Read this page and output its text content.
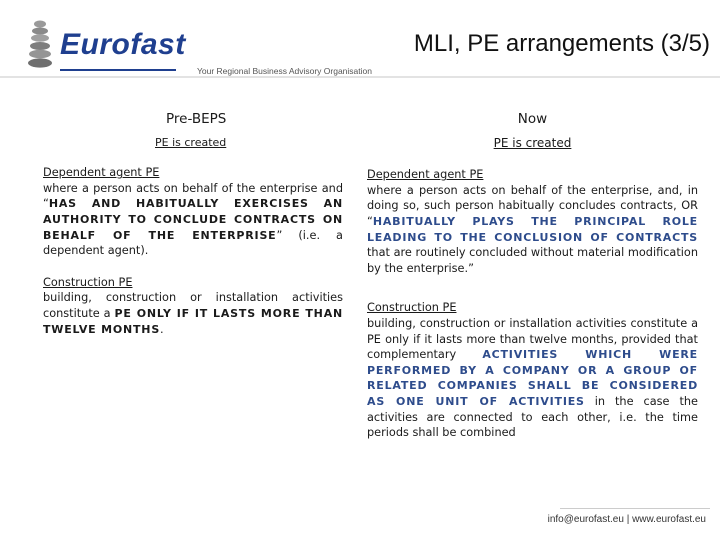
Eurofast
Your Regional Business Advisory Organisation
MLI, PE arrangements (3/5)

Pre-BEPS

PE is created

Dependent agent PE

where a person acts on behalf of the enterprise and “HAS AND HABITUALLY EXERCISES AN AUTHORITY TO CONCLUDE CONTRACTS ON BEHALF OF THE ENTERPRISE” (i.e. a dependent agent).

Construction PE

building, construction or installation activities constitute a PE ONLY IF IT LASTS MORE THAN TWELVE MONTHS.

Now

PE is created

Dependent agent PE

where a person acts on behalf of the enterprise, and, in doing so, such person habitually concludes contracts, OR “HABITUALLY PLAYS THE PRINCIPAL ROLE LEADING TO THE CONCLUSION OF CONTRACTS that are routinely concluded without material modification by the enterprise.”

Construction PE

building, construction or installation activities constitute a PE only if it lasts more than twelve months, provided that complementary ACTIVITIES WHICH WERE PERFORMED BY A COMPANY OR A GROUP OF RELATED COMPANIES SHALL BE CONSIDERED AS ONE UNIT OF ACTIVITIES in the case the activities are connected to each other, i.e. the time periods shall be combined

info@eurofast.eu | www.eurofast.eu
